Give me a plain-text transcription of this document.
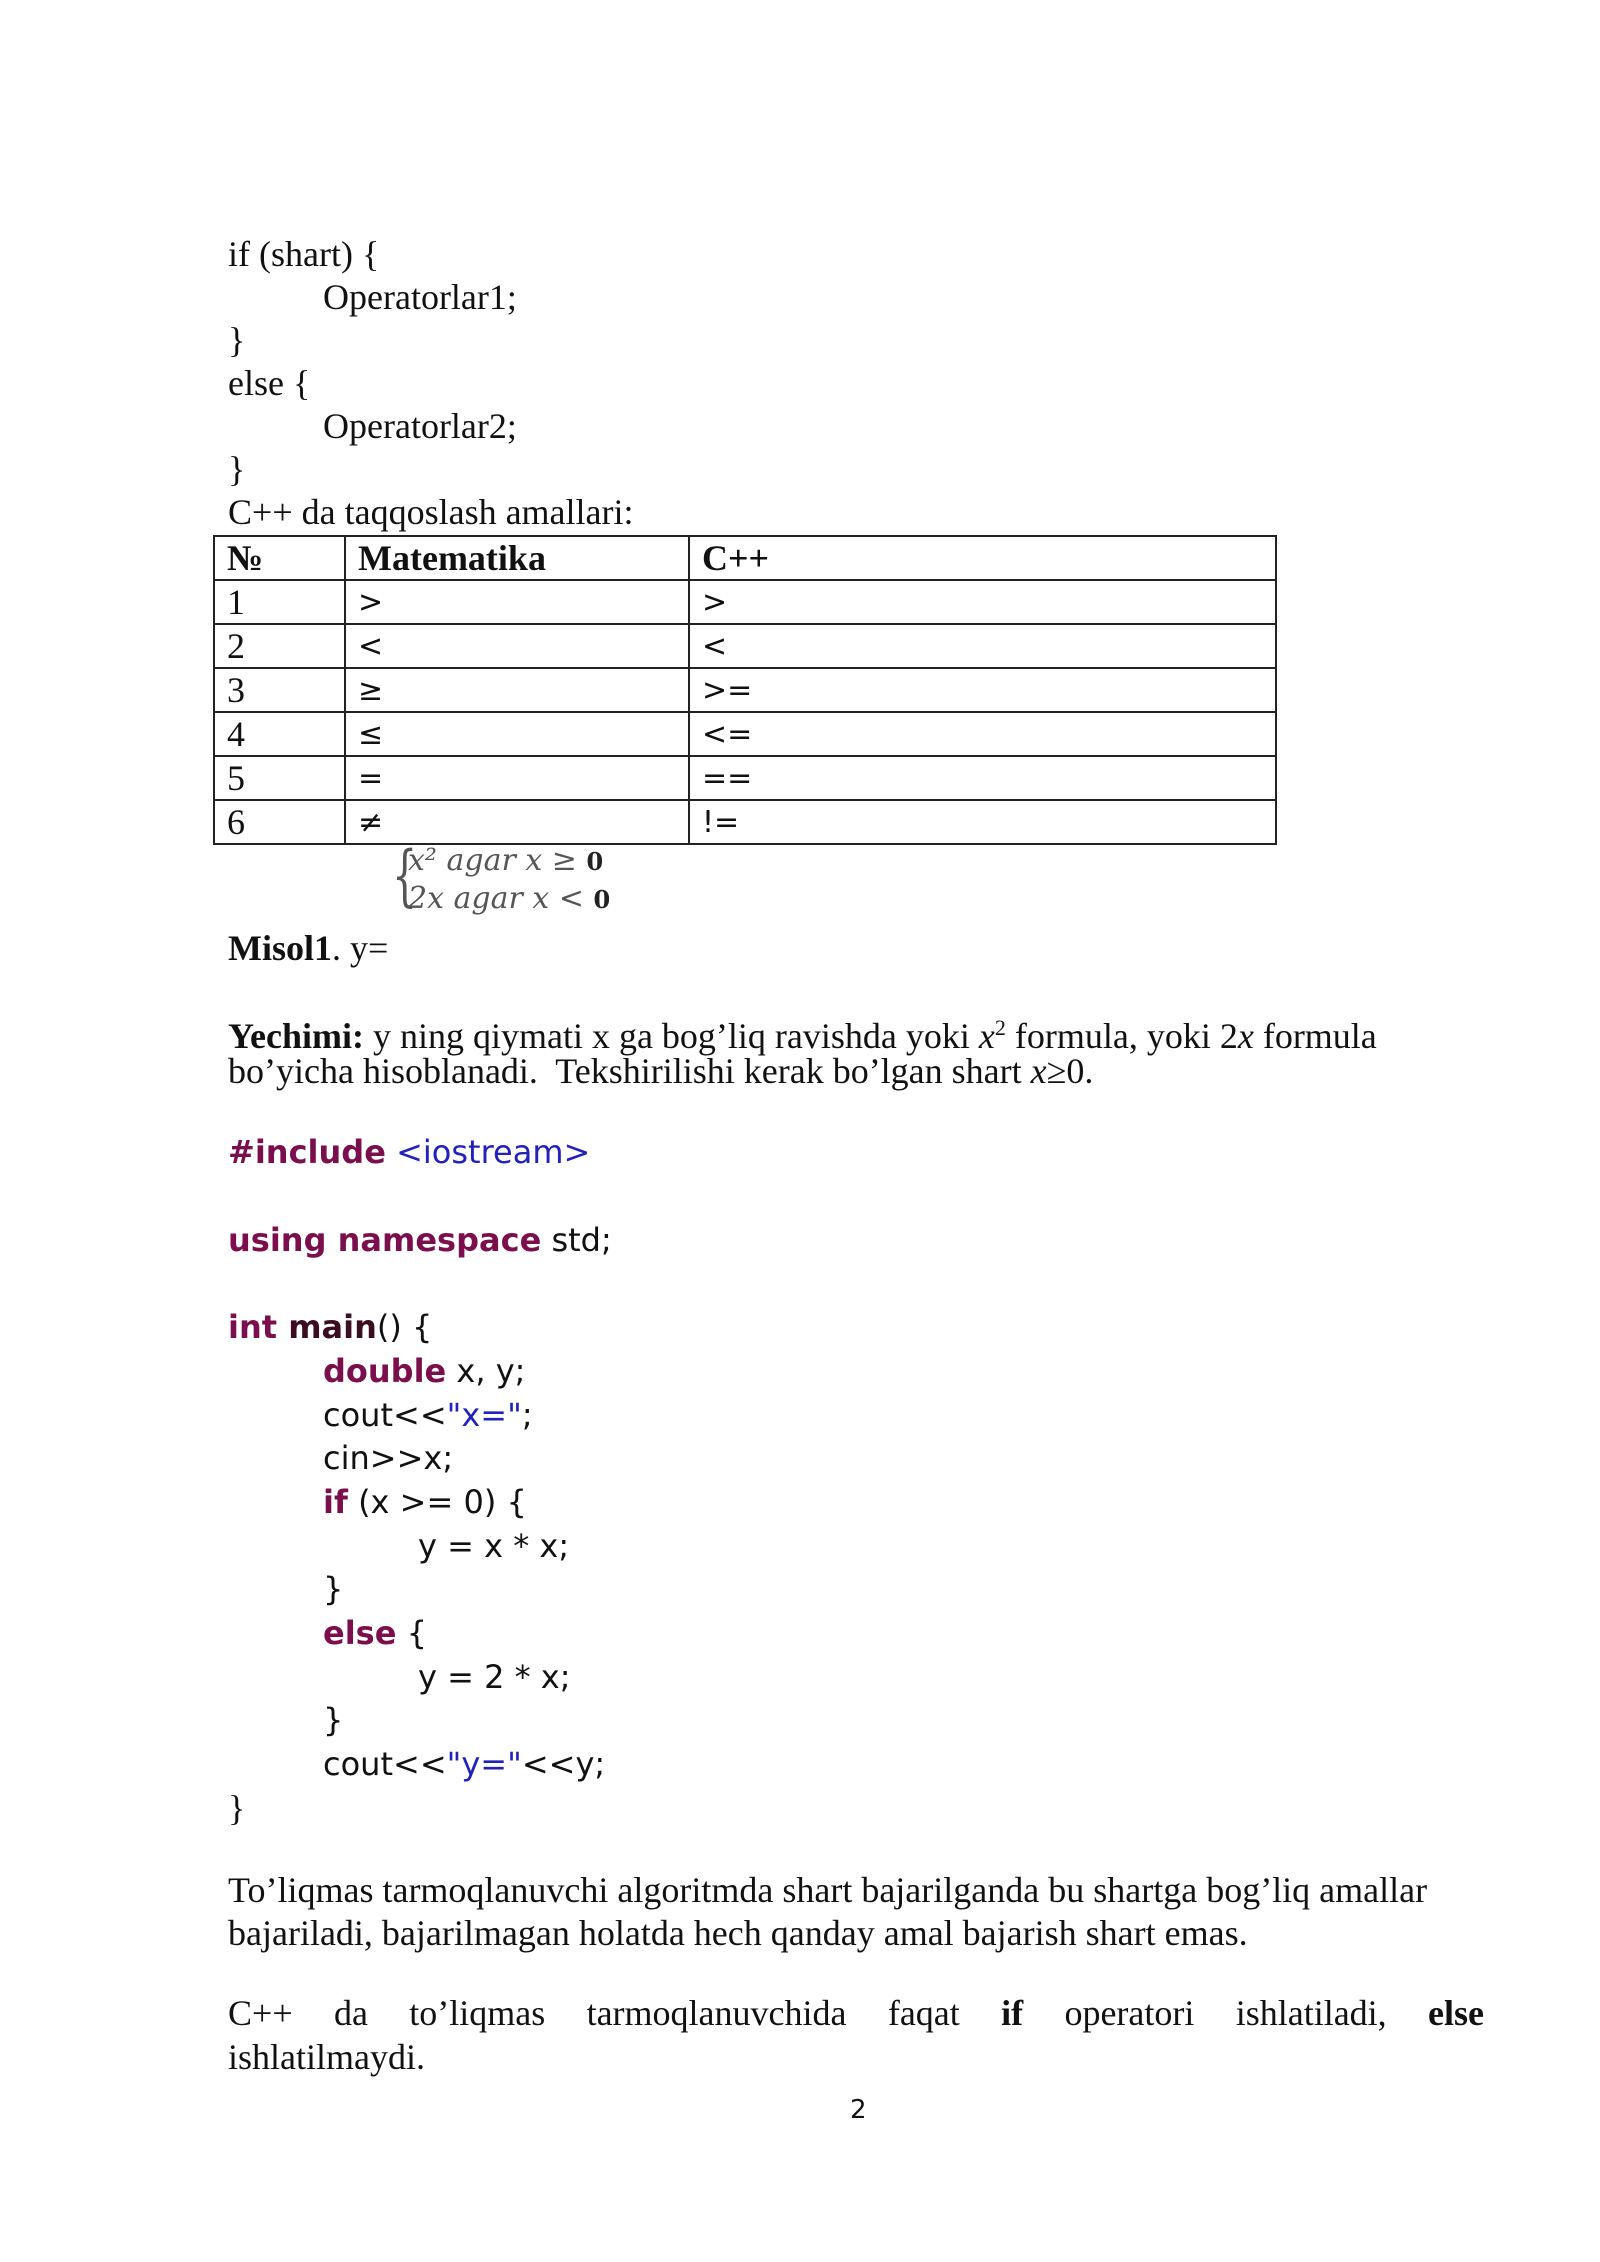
if (shart) {
Operatorlar1;
}
else {
Operatorlar2;
}
C++ da taqqoslash amallari:
№	Matematika	C++
1	>	>
2	<	<
3	≥	>=
4	≤	<=
5	=	==
6	≠	!=
{
x² agar x ≥ 0
2x agar x < 0
Misol1. y=
Yechimi: y ning qiymati x ga bog’liq ravishda yoki $x^2$ formula, yoki 2x formula
bo’yicha hisoblanadi.  Tekshirilishi kerak bo’lgan shart x≥0.
#include <iostream>
using namespace std;
int main() {
double x, y;
cout<<"x=";
cin>>x;
if (x >= 0) {
y = x * x;
}
else {
y = 2 * x;
}
cout<<"y="<<y;
}
To’liqmas tarmoqlanuvchi algoritmda shart bajarilganda bu shartga bog’liq amallar
bajariladi, bajarilmagan holatda hech qanday amal bajarish shart emas.
C++ da to’liqmas tarmoqlanuvchida faqat if operatori ishlatiladi, else
ishlatilmaydi.
2
